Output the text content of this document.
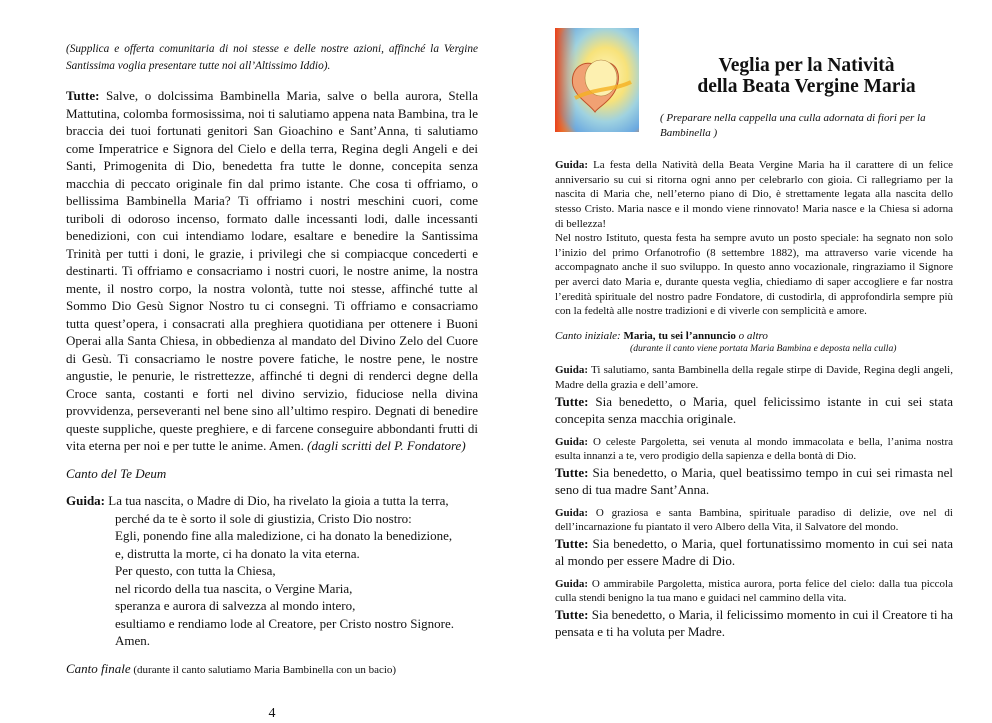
(Supplica e offerta comunitaria di noi stesse e delle nostre azioni, affinché la Vergine Santissima voglia presentare tutte noi all’Altissimo Iddio).

Tutte: Salve, o dolcissima Bambinella Maria, salve o bella aurora, Stella Mattutina, colomba formosissima, noi ti salutiamo appena nata Bambina, tra le braccia dei tuoi fortunati genitori San Gioachino e Sant’Anna, ti salutiamo come Imperatrice e Signora del Cielo e della terra, Regina degli Angeli e dei Santi, Primogenita di Dio, benedetta fra tutte le donne, concepita senza macchia di peccato originale fin dal primo istante. Che cosa ti offriamo, o bellissima Bambinella Maria? Ti offriamo i nostri meschini cuori, come turiboli di odoroso incenso, formato dalle incessanti lodi, dalle incessanti benedizioni, con cui intendiamo lodare, esaltare e benedire la Santissima Trinità per tutti i doni, le grazie, i privilegi che si compiacque concederti e destinarti. Ti offriamo e consacriamo i nostri cuori, le nostre anime, la nostra mente, il nostro corpo, la nostra volontà, tutte noi stesse, affinché tutte al Sommo Dio Gesù Signor Nostro tu ci consegni. Ti offriamo e consacriamo tutta quest’opera, i consacrati alla preghiera quotidiana per ottenere i Buoni Operai alla Santa Chiesa, in obbedienza al mandato del Divino Zelo del Cuore di Gesù. Ti consacriamo le nostre povere fatiche, le nostre pene, le nostre angustie, le penurie, le ristrettezze, affinché ti degni di renderci degne della Croce santa, costanti e forti nel divino servizio, fiduciose nella divina provvidenza, perseveranti nel bene sino all’ultimo respiro. Degnati di benedire queste suppliche, queste preghiere, e di farcene conseguire abbondanti frutti di vita eterna per noi e per tutte le anime. Amen. (dagli scritti del P. Fondatore)

Canto del Te Deum

Guida: La tua nascita, o Madre di Dio, ha rivelato la gioia a tutta la terra,
perché da te è sorto il sole di giustizia, Cristo Dio nostro:
Egli, ponendo fine alla maledizione, ci ha donato la benedizione,
e, distrutta la morte, ci ha donato la vita eterna.
Per questo, con tutta la Chiesa,
nel ricordo della tua nascita, o Vergine Maria,
speranza e aurora di salvezza al mondo intero,
esultiamo e rendiamo lode al Creatore, per Cristo nostro Signore.
Amen.

Canto finale (durante il canto salutiamo Maria Bambinella con un bacio)

4
Veglia per la Natività
della Beata Vergine Maria

( Preparare nella cappella una culla adornata di fiori per la Bambinella )

Guida: La festa della Natività della Beata Vergine Maria ha il carattere di un felice anniversario su cui si ritorna ogni anno per celebrarlo con gioia. Ci rallegriamo per la nascita di Maria che, nell’eterno piano di Dio, è strettamente legata alla nascita dello stesso Cristo. Maria nasce e il mondo viene rinnovato! Maria nasce e la Chiesa si adorna di bellezza!
Nel nostro Istituto, questa festa ha sempre avuto un posto speciale: ha segnato non solo l’inizio del primo Orfanotrofio (8 settembre 1882), ma attraverso varie vicende ha accompagnato anche il suo sviluppo. In questo anno vocazionale, ringraziamo il Signore per averci dato Maria e, durante questa veglia, chiediamo di saper accogliere e far nostra l’eredità spirituale del nostro padre Fondatore, di custodirla, di approfondirla sempre più con la fedeltà alle nostre tradizioni e di viverle con semplicità e amore.
Canto iniziale: Maria, tu sei l’annuncio o altro
(durante il canto viene portata Maria Bambina e deposta nella culla)
Guida: Ti salutiamo, santa Bambinella della regale stirpe di Davide, Regina degli angeli, Madre della grazia e dell’amore.
Tutte: Sia benedetto, o Maria, quel felicissimo istante in cui sei stata concepita senza macchia originale.
Guida: O celeste Pargoletta, sei venuta al mondo immacolata e bella, l’anima nostra esulta innanzi a te, vero prodigio della sapienza e della bontà di Dio.
Tutte: Sia benedetto, o Maria, quel beatissimo tempo in cui sei rimasta nel seno di tua madre Sant’Anna.
Guida: O graziosa e santa Bambina, spirituale paradiso di delizie, ove nel di dell’incarnazione fu piantato il vero Albero della Vita, il Salvatore del mondo.
Tutte: Sia benedetto, o Maria, quel fortunatissimo momento in cui sei nata al mondo per essere Madre di Dio.
Guida: O ammirabile Pargoletta, mistica aurora, porta felice del cielo: dalla tua piccola culla stendi benigno la tua mano e guidaci nel cammino della vita.
Tutte: Sia benedetto, o Maria, il felicissimo momento in cui il Creatore ti ha pensata e ti ha voluta per Madre.
